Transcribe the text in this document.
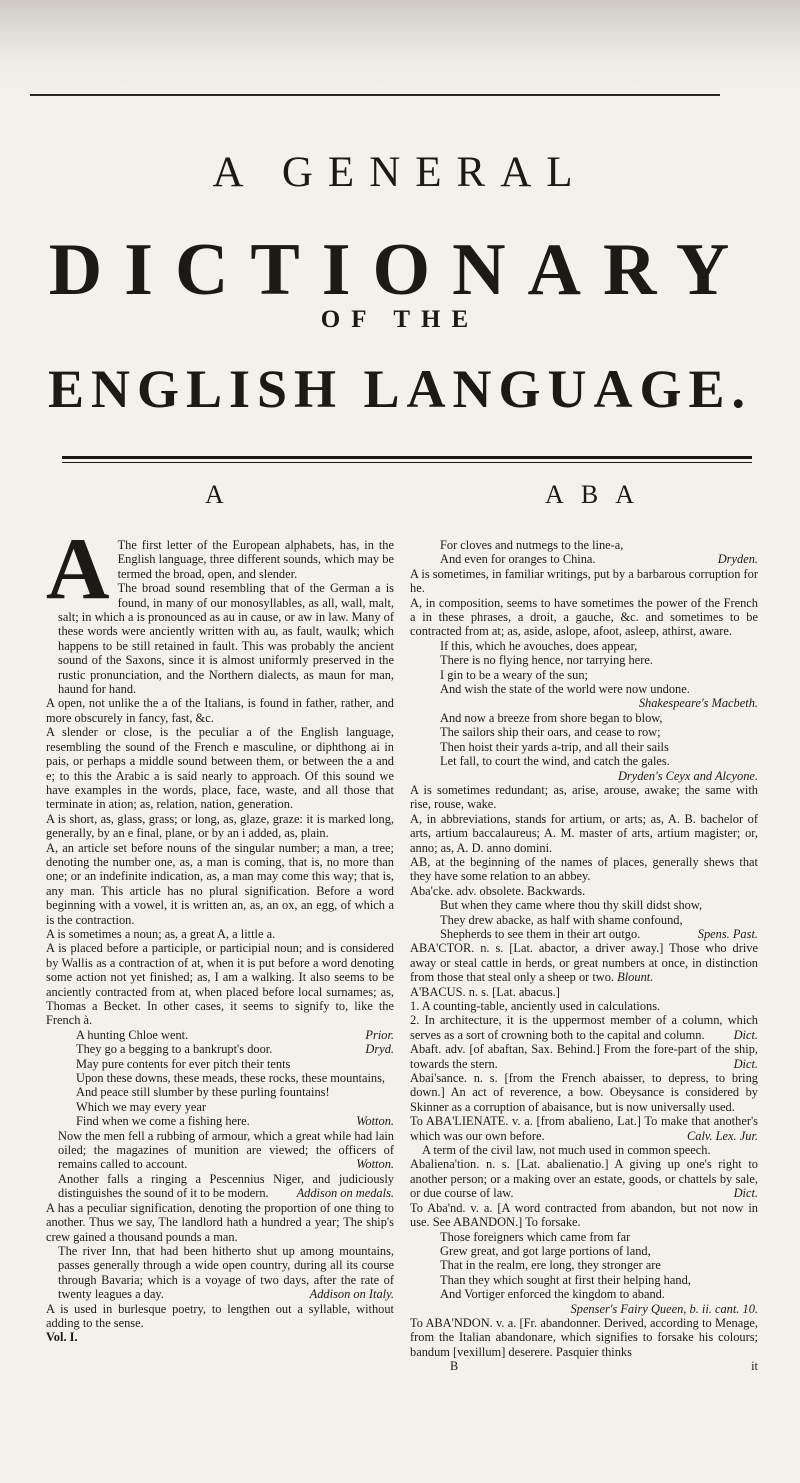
A GENERAL
DICTIONARY
OF THE
ENGLISH LANGUAGE.
A	A B A

A The first letter of the European alphabets, has, in the English language, three different sounds, which may be termed the broad, open, and slender.

The broad sound resembling that of the German a is found, in many of our monosyllables, as all, wall, malt, salt; in which a is pronounced as au in cause, or aw in law. Many of these words were anciently written with au, as fault, waulk; which happens to be still retained in fault. This was probably the ancient sound of the Saxons, since it is almost uniformly preserved in the rustic pronunciation, and the Northern dialects, as maun for man, haund for hand.

A open, not unlike the a of the Italians, is found in father, rather, and more obscurely in fancy, fast, &c.

A slender or close, is the peculiar a of the English language, resembling the sound of the French e masculine, or diphthong ai in pais, or perhaps a middle sound between them, or between the a and e; to this the Arabic a is said nearly to approach. Of this sound we have examples in the words, place, face, waste, and all those that terminate in ation; as, relation, nation, generation.

A is short, as, glass, grass; or long, as, glaze, graze: it is marked long, generally, by an e final, plane, or by an i added, as, plain.

A, an article set before nouns of the singular number; a man, a tree; denoting the number one, as, a man is coming, that is, no more than one; or an indefinite indication, as, a man may come this way; that is, any man. This article has no plural signification. Before a word beginning with a vowel, it is written an, as, an ox, an egg, of which a is the contraction.

A is sometimes a noun; as, a great A, a little a.

A is placed before a participle, or participial noun; and is considered by Wallis as a contraction of at, when it is put before a word denoting some action not yet finished; as, I am a walking. It also seems to be anciently contracted from at, when placed before local surnames; as, Thomas a Becket. In other cases, it seems to signify to, like the French à.

A hunting Chloe went.	Prior.

They go a begging to a bankrupt's door.	Dryd.

May pure contents for ever pitch their tents

Upon these downs, these meads, these rocks, these mountains,

And peace still slumber by these purling fountains!

Which we may every year

Find when we come a fishing here.	Wotton.

Now the men fell a rubbing of armour, which a great while had lain oiled; the magazines of munition are viewed; the officers of remains called to account.	Wotton.

Another falls a ringing a Pescennius Niger, and judiciously distinguishes the sound of it to be modern. Addison on medals.

A has a peculiar signification, denoting the proportion of one thing to another. Thus we say, The landlord hath a hundred a year; The ship's crew gained a thousand pounds a man.

The river Inn, that had been hitherto shut up among mountains, passes generally through a wide open country, during all its course through Bavaria; which is a voyage of two days, after the rate of twenty leagues a day.	Addison on Italy.

A is used in burlesque poetry, to lengthen out a syllable, without adding to the sense.

Vol. I.

For cloves and nutmegs to the line-a,

And even for oranges to China.	Dryden.

A is sometimes, in familiar writings, put by a barbarous corruption for he.

A, in composition, seems to have sometimes the power of the French a in these phrases, a droit, a gauche, &c. and sometimes to be contracted from at; as, aside, aslope, afoot, asleep, athirst, aware.

If this, which he avouches, does appear,

There is no flying hence, nor tarrying here.

I gin to be a weary of the sun;

And wish the state of the world were now undone.

Shakespeare's Macbeth.

And now a breeze from shore began to blow,

The sailors ship their oars, and cease to row;

Then hoist their yards a-trip, and all their sails

Let fall, to court the wind, and catch the gales.

Dryden's Ceyx and Alcyone.

A is sometimes redundant; as, arise, arouse, awake; the same with rise, rouse, wake.

A, in abbreviations, stands for artium, or arts; as, A. B. bachelor of arts, artium baccalaureus; A. M. master of arts, artium magister; or, anno; as, A. D. anno domini.

AB, at the beginning of the names of places, generally shews that they have some relation to an abbey.

Aba'cke. adv. obsolete. Backwards.

But when they came where thou thy skill didst show,

They drew abacke, as half with shame confound,

Shepherds to see them in their art outgo.	Spens. Past.

ABA'CTOR. n. s. [Lat. abactor, a driver away.] Those who drive away or steal cattle in herds, or great numbers at once, in distinction from those that steal only a sheep or two. Blount.

A'BACUS. n. s. [Lat. abacus.]

1. A counting-table, anciently used in calculations.

2. In architecture, it is the uppermost member of a column, which serves as a sort of crowning both to the capital and column. Dict.

Abaft. adv. [of abaftan, Sax. Behind.] From the fore-part of the ship, towards the stern.	Dict.

Abai'sance. n. s. [from the French abaisser, to depress, to bring down.] An act of reverence, a bow. Obeysance is considered by Skinner as a corruption of abaisance, but is now universally used.

To ABA'LIENATE. v. a. [from abalieno, Lat.] To make that another's which was our own before.	Calv. Lex. Jur.

A term of the civil law, not much used in common speech.

Abaliena'tion. n. s. [Lat. abalienatio.] A giving up one's right to another person; or a making over an estate, goods, or chattels by sale, or due course of law.	Dict.

To Aba'nd. v. a. [A word contracted from abandon, but not now in use. See ABANDON.] To forsake.

Those foreigners which came from far

Grew great, and got large portions of land,

That in the realm, ere long, they stronger are

Than they which sought at first their helping hand,

And Vortiger enforced the kingdom to aband.

Spenser's Fairy Queen, b. ii. cant. 10.

To ABA'NDON. v. a. [Fr. abandonner. Derived, according to Menage, from the Italian abandonare, which signifies to forsake his colours; bandum [vexillum] deserere. Pasquier thinks

B	it
